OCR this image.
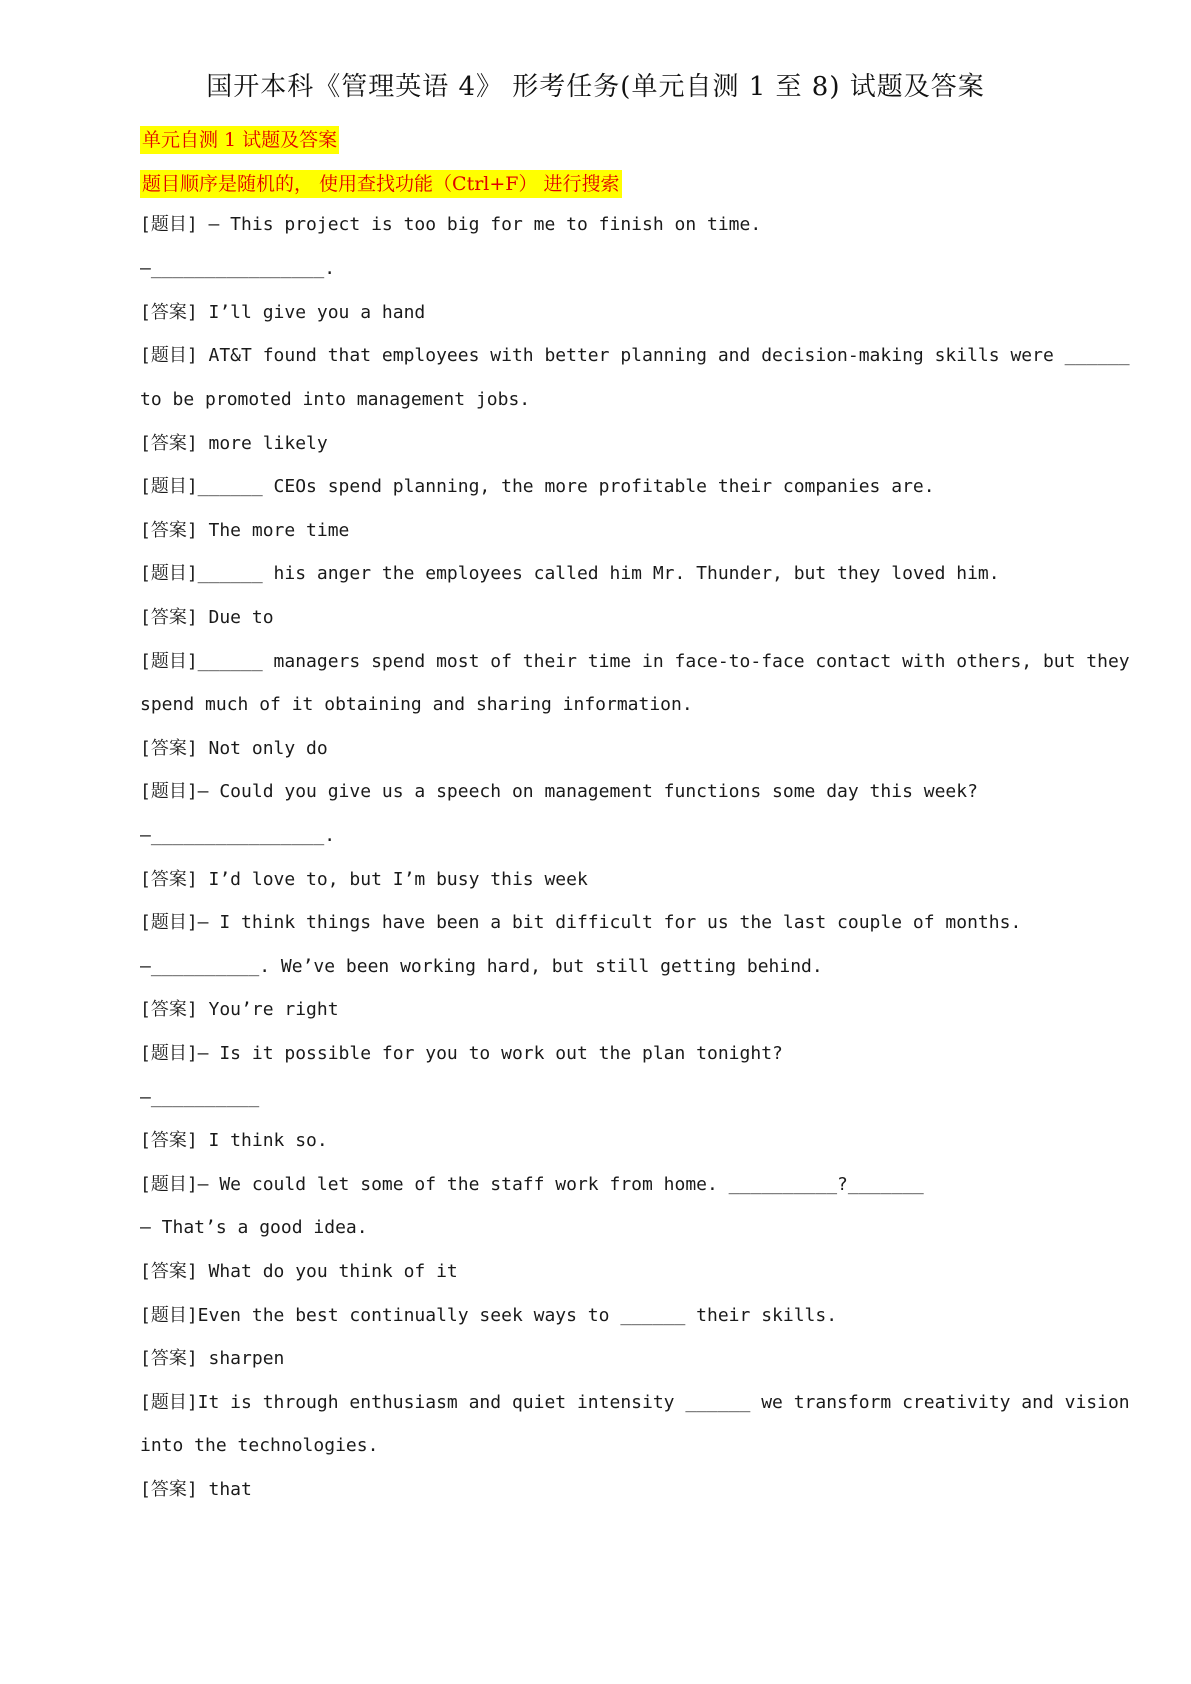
国开本科《管理英语 4》 形考任务(单元自测 1 至 8) 试题及答案
单元自测 1 试题及答案
题目顺序是随机的， 使用查找功能（Ctrl+F） 进行搜索
[题目] — This project is too big for me to finish on time.
—________________.
[答案] I’ll give you a hand
[题目] AT&T found that employees with better planning and decision-making skills were ______
to be promoted into management jobs.
[答案] more likely
[题目]______ CEOs spend planning, the more profitable their companies are.
[答案] The more time
[题目]______ his anger the employees called him Mr. Thunder, but they loved him.
[答案] Due to
[题目]______ managers spend most of their time in face-to-face contact with others, but they
spend much of it obtaining and sharing information.
[答案] Not only do
[题目]— Could you give us a speech on management functions some day this week?
—________________.
[答案] I’d love to, but I’m busy this week
[题目]— I think things have been a bit difficult for us the last couple of months.
—__________. We’ve been working hard, but still getting behind.
[答案] You’re right
[题目]— Is it possible for you to work out the plan tonight?
—__________
[答案] I think so.
[题目]— We could let some of the staff work from home. __________?_______
— That’s a good idea.
[答案] What do you think of it
[题目]Even the best continually seek ways to ______ their skills.
[答案] sharpen
[题目]It is through enthusiasm and quiet intensity ______ we transform creativity and vision
into the technologies.
[答案] that
